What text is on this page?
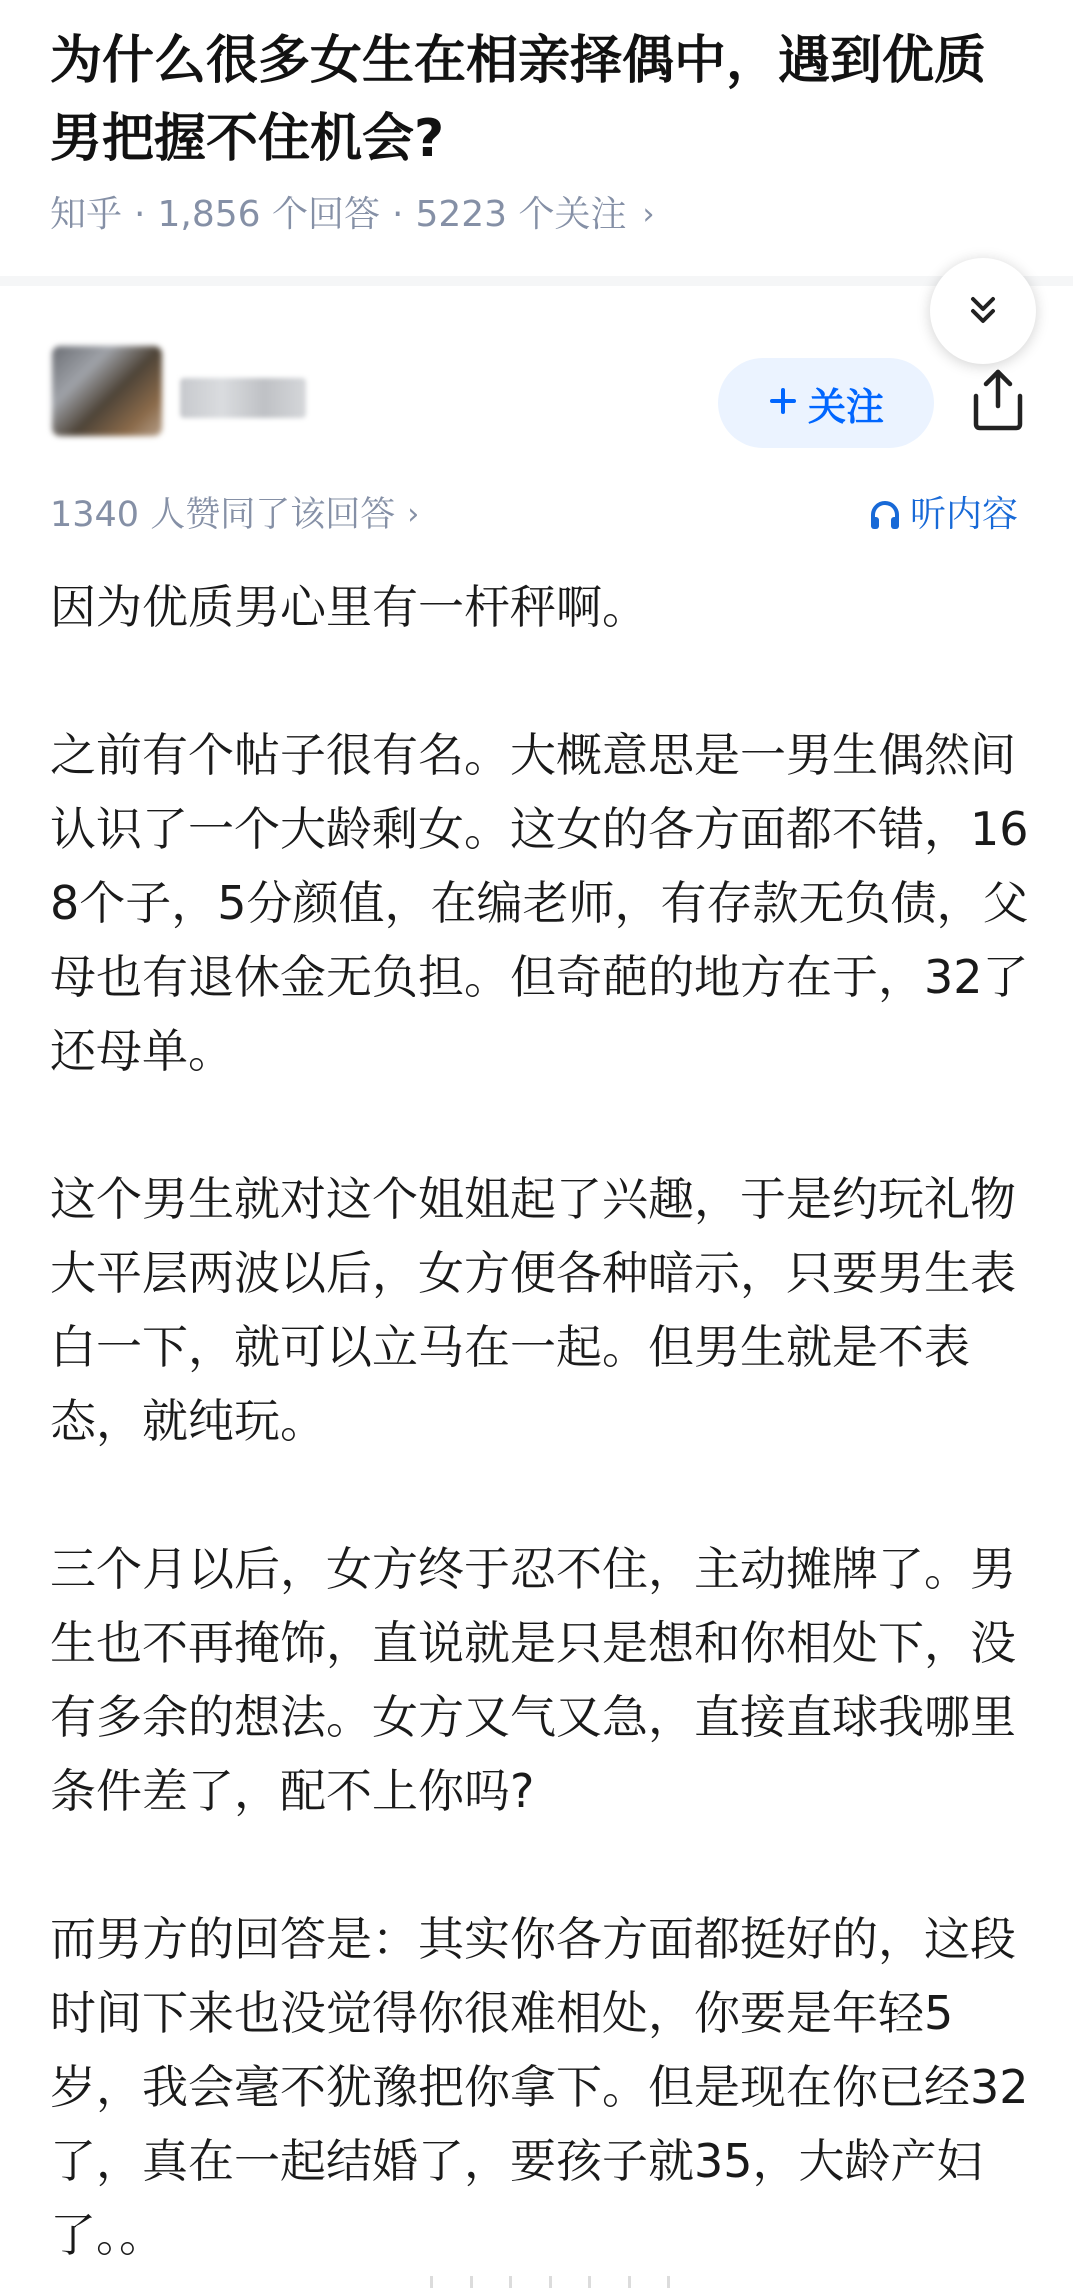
为什么很多女生在相亲择偶中，遇到优质男把握不住机会?
知乎 · 1,856 个回答 · 5223 个关注 ›
关注
1340 人赞同了该回答 ›	听内容

因为优质男心里有一杆秤啊。

之前有个帖子很有名。大概意思是一男生偶然间认识了一个大龄剩女。这女的各方面都不错，168个子，5分颜值，在编老师，有存款无负债，父母也有退休金无负担。但奇葩的地方在于，32了还母单。

这个男生就对这个姐姐起了兴趣，于是约玩礼物大平层两波以后，女方便各种暗示，只要男生表白一下，就可以立马在一起。但男生就是不表态，就纯玩。

三个月以后，女方终于忍不住，主动摊牌了。男生也不再掩饰，直说就是只是想和你相处下，没有多余的想法。女方又气又急，直接直球我哪里条件差了，配不上你吗?

而男方的回答是：其实你各方面都挺好的，这段时间下来也没觉得你很难相处，你要是年轻5岁，我会毫不犹豫把你拿下。但是现在你已经32了，真在一起结婚了，要孩子就35，大龄产妇了。。
